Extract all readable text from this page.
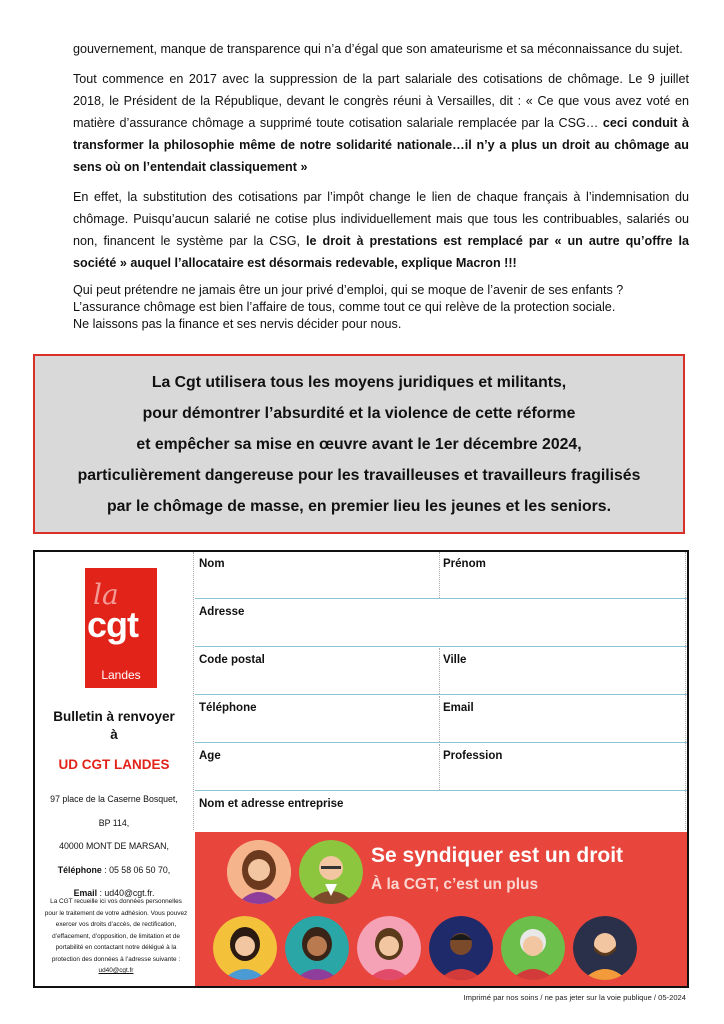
gouvernement, manque de transparence qui n’a d’égal que son amateurisme et sa méconnaissance du sujet.

Tout commence en 2017 avec la suppression de la part salariale des cotisations de chômage. Le 9 juillet 2018, le Président de la République, devant le congrès réuni à Versailles, dit : « Ce que vous avez voté en matière d’assurance chômage a supprimé toute cotisation salariale remplacée par la CSG… ceci conduit à transformer la philosophie même de notre solidarité nationale…il n’y a plus un droit au chômage au sens où on l’entendait classiquement »

En effet, la substitution des cotisations par l’impôt change le lien de chaque français à l’indemnisation du chômage. Puisqu’aucun salarié ne cotise plus individuellement mais que tous les contribuables, salariés ou non, financent le système par la CSG, le droit à prestations est remplacé par « un autre qu’offre la société » auquel l’allocataire est désormais redevable, explique Macron !!!

Qui peut prétendre ne jamais être un jour privé d’emploi, qui se moque de l’avenir de ses enfants ?
L’assurance chômage est bien l’affaire de tous, comme tout ce qui relève de la protection sociale.
Ne laissons pas la finance et ses nervis décider pour nous.

La Cgt utilisera tous les moyens juridiques et militants,
pour démontrer l’absurdité et la violence de cette réforme
et empêcher sa mise en œuvre avant le 1er décembre 2024,
particulièrement dangereuse pour les travailleuses et travailleurs fragilisés
par le chômage de masse, en premier lieu les jeunes et les seniors.
la
cgt
Landes
Bulletin à renvoyer
à
UD CGT LANDES
97 place de la Caserne Bosquet,
BP 114,
40000 MONT DE MARSAN,
Téléphone : 05 58 06 50 70,
Email : ud40@cgt.fr.
La CGT recueille ici vos données personnelles pour le traitement de votre adhésion. Vous pouvez exercer vos droits d’accès, de rectification, d’effacement, d’opposition, de limitation et de portabilité en contactant notre délégué à la protection des données à l’adresse suivante : ud40@cgt.fr
Nom	Prénom
Adresse
Code postal	Ville
Téléphone	Email
Age	Profession
Nom et adresse entreprise
Se syndiquer est un droit
À la CGT, c’est un plus
Imprimé par nos soins / ne pas jeter sur la voie publique / 05-2024
